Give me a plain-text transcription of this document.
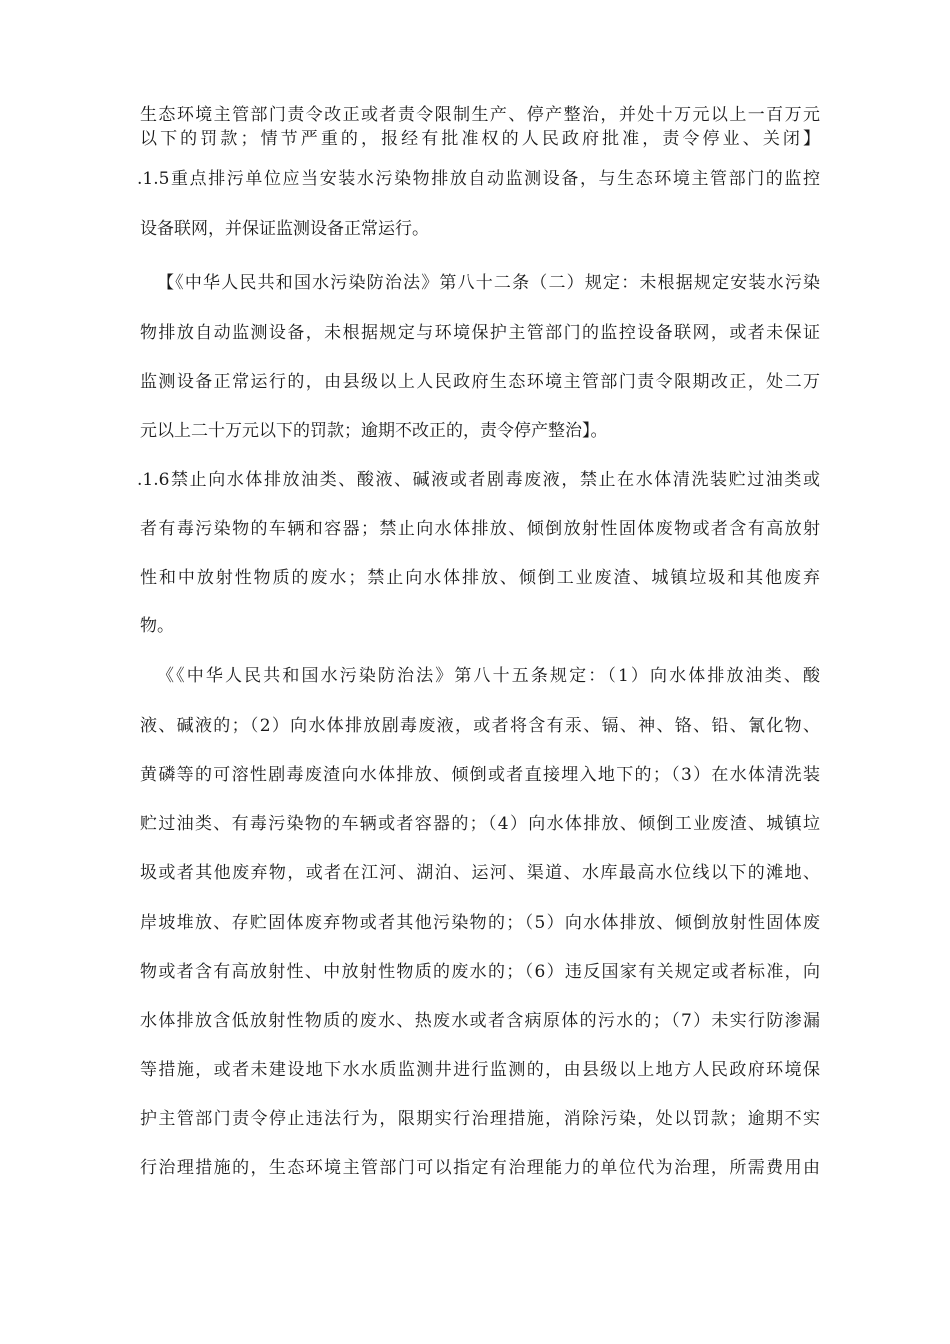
生态环境主管部门责令改正或者责令限制生产、停产整治，并处十万元以上一百万元
以下的罚款；情节严重的，报经有批准权的人民政府批准，责令停业、关闭】
.1.5重点排污单位应当安装水污染物排放自动监测设备，与生态环境主管部门的监控
设备联网，并保证监测设备正常运行。
【《中华人民共和国水污染防治法》第八十二条（二）规定：未根据规定安装水污染
物排放自动监测设备，未根据规定与环境保护主管部门的监控设备联网，或者未保证
监测设备正常运行的，由县级以上人民政府生态环境主管部门责令限期改正，处二万
元以上二十万元以下的罚款；逾期不改正的，责令停产整治】。
.1.6禁止向水体排放油类、酸液、碱液或者剧毒废液，禁止在水体清洗装贮过油类或
者有毒污染物的车辆和容器；禁止向水体排放、倾倒放射性固体废物或者含有高放射
性和中放射性物质的废水；禁止向水体排放、倾倒工业废渣、城镇垃圾和其他废弃
物。
《《中华人民共和国水污染防治法》第八十五条规定：（1）向水体排放油类、酸
液、碱液的；（2）向水体排放剧毒废液，或者将含有汞、镉、神、铬、铅、氰化物、
黄磷等的可溶性剧毒废渣向水体排放、倾倒或者直接埋入地下的；（3）在水体清洗装
贮过油类、有毒污染物的车辆或者容器的；（4）向水体排放、倾倒工业废渣、城镇垃
圾或者其他废弃物，或者在江河、湖泊、运河、渠道、水库最高水位线以下的滩地、
岸坡堆放、存贮固体废弃物或者其他污染物的；（5）向水体排放、倾倒放射性固体废
物或者含有高放射性、中放射性物质的废水的；（6）违反国家有关规定或者标准，向
水体排放含低放射性物质的废水、热废水或者含病原体的污水的；（7）未实行防渗漏
等措施，或者未建设地下水水质监测井进行监测的，由县级以上地方人民政府环境保
护主管部门责令停止违法行为，限期实行治理措施，消除污染，处以罚款；逾期不实
行治理措施的，生态环境主管部门可以指定有治理能力的单位代为治理，所需费用由
